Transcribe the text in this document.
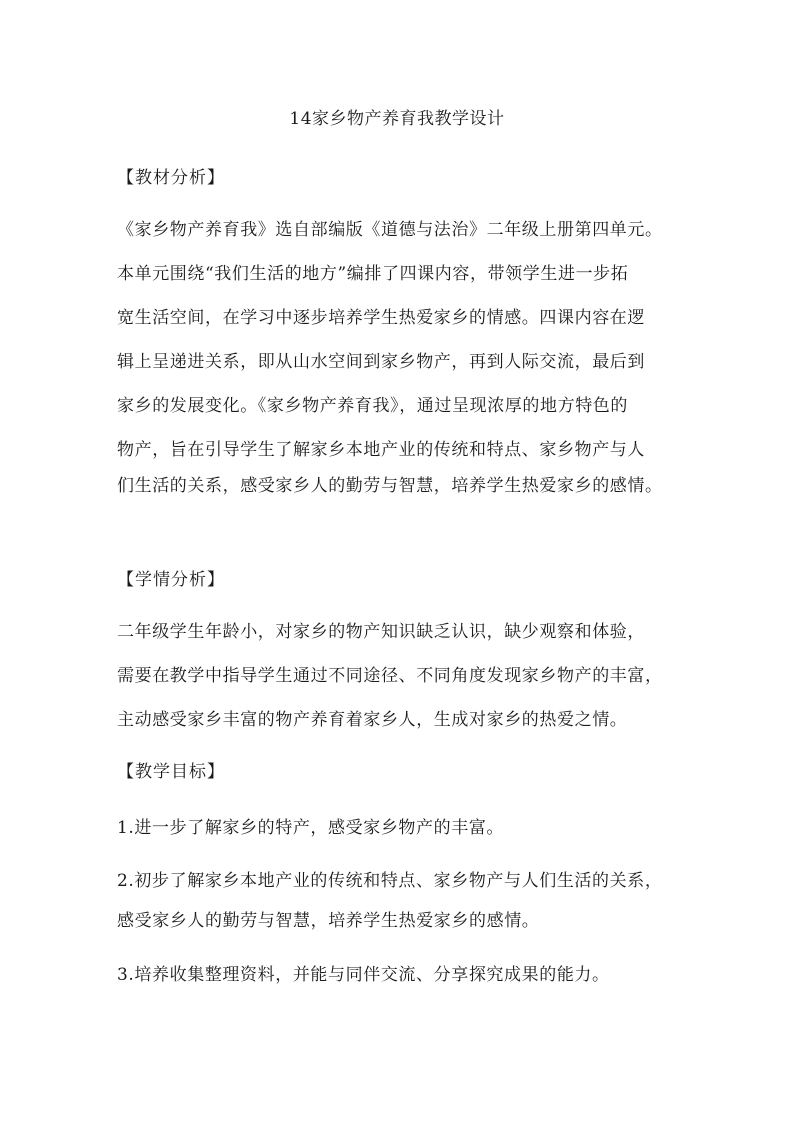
14家乡物产养育我教学设计
【教材分析】
《家乡物产养育我》选自部编版《道德与法治》二年级上册第四单元。
本单元围绕“我们生活的地方”编排了四课内容，带领学生进一步拓
宽生活空间，在学习中逐步培养学生热爱家乡的情感。四课内容在逻
辑上呈递进关系，即从山水空间到家乡物产，再到人际交流，最后到
家乡的发展变化。《家乡物产养育我》，通过呈现浓厚的地方特色的
物产，旨在引导学生了解家乡本地产业的传统和特点、家乡物产与人
们生活的关系，感受家乡人的勤劳与智慧，培养学生热爱家乡的感情。
【学情分析】
二年级学生年龄小，对家乡的物产知识缺乏认识，缺少观察和体验，
需要在教学中指导学生通过不同途径、不同角度发现家乡物产的丰富，
主动感受家乡丰富的物产养育着家乡人，生成对家乡的热爱之情。
【教学目标】
1.进一步了解家乡的特产，感受家乡物产的丰富。
2.初步了解家乡本地产业的传统和特点、家乡物产与人们生活的关系，
感受家乡人的勤劳与智慧，培养学生热爱家乡的感情。
3.培养收集整理资料，并能与同伴交流、分享探究成果的能力。
